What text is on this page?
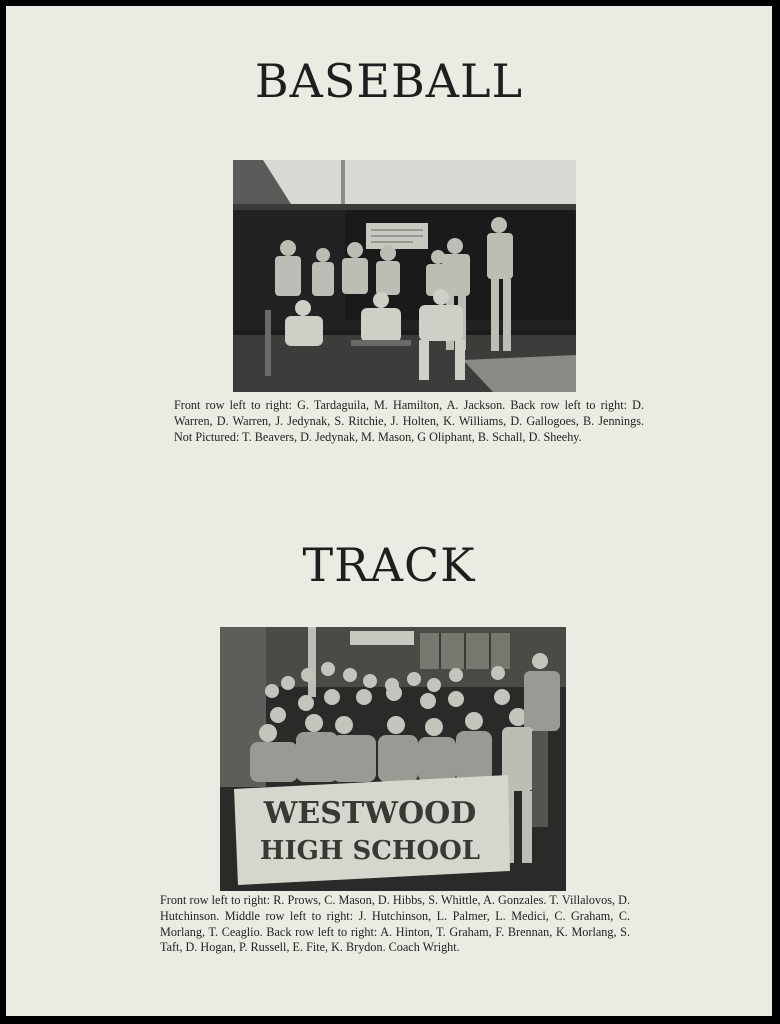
BASEBALL
Front row left to right: G. Tardaguila, M. Hamilton, A. Jackson. Back row left to right: D. Warren, D. Warren, J. Jedynak, S. Ritchie, J. Holten, K. Williams, D. Gallogoes, B. Jennings. Not Pictured: T. Beavers, D. Jedynak, M. Mason, G Oliphant, B. Schall, D. Sheehy.
TRACK
WESTWOOD
HIGH SCHOOL
Front row left to right: R. Prows, C. Mason, D. Hibbs, S. Whittle, A. Gonzales. T. Villalovos, D. Hutchinson. Middle row left to right: J. Hutchinson, L. Palmer, L. Medici, C. Graham, C. Morlang, T. Ceaglio. Back row left to right: A. Hinton, T. Graham, F. Brennan, K. Morlang, S. Taft, D. Hogan, P. Russell, E. Fite, K. Brydon. Coach Wright.
